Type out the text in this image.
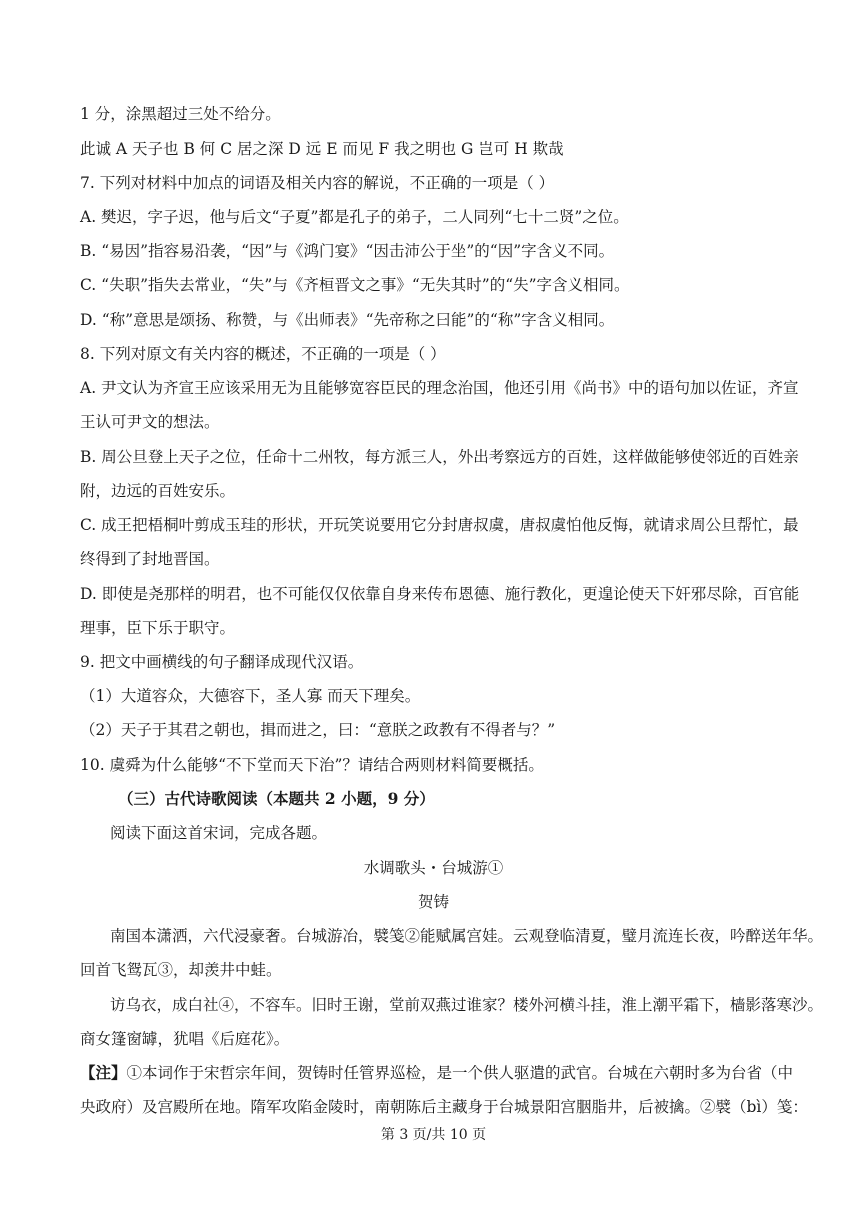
1 分，涂黑超过三处不给分。
此诚 A 天子也 B 何 C 居之深 D 远 E 而见 F 我之明也 G 岂可 H 欺哉
7. 下列对材料中加点的词语及相关内容的解说，不正确的一项是（ ）
A. 樊迟，字子迟，他与后文“子夏”都是孔子的弟子，二人同列“七十二贤”之位。
B. “易因”指容易沿袭，“因”与《鸿门宴》“因击沛公于坐”的“因”字含义不同。
C. “失职”指失去常业，“失”与《齐桓晋文之事》“无失其时”的“失”字含义相同。
D. “称”意思是颂扬、称赞，与《出师表》“先帝称之曰能”的“称”字含义相同。
8. 下列对原文有关内容的概述，不正确的一项是（ ）
A. 尹文认为齐宣王应该采用无为且能够宽容臣民的理念治国，他还引用《尚书》中的语句加以佐证，齐宣
王认可尹文的想法。
B. 周公旦登上天子之位，任命十二州牧，每方派三人，外出考察远方的百姓，这样做能够使邻近的百姓亲
附，边远的百姓安乐。
C. 成王把梧桐叶剪成玉珪的形状，开玩笑说要用它分封唐叔虞，唐叔虞怕他反悔，就请求周公旦帮忙，最
终得到了封地晋国。
D. 即使是尧那样的明君，也不可能仅仅依靠自身来传布恩德、施行教化，更遑论使天下奸邪尽除，百官能
理事，臣下乐于职守。
9. 把文中画横线的句子翻译成现代汉语。
（1）大道容众，大德容下，圣人寡 而天下理矣。
（2）天子于其君之朝也，揖而进之，曰：“意朕之政教有不得者与？”
10. 虞舜为什么能够“不下堂而天下治”？请结合两则材料简要概括。
（三）古代诗歌阅读（本题共 2 小题，9 分）
阅读下面这首宋词，完成各题。
水调歌头・台城游①
贺铸
南国本潇洒，六代浸豪奢。台城游冶，襞笺②能赋属宫娃。云观登临清夏，璧月流连长夜，吟醉送年华。
回首飞鸳瓦③，却羡井中蛙。
访乌衣，成白社④，不容车。旧时王谢，堂前双燕过谁家？楼外河横斗挂，淮上潮平霜下，樯影落寒沙。
商女篷窗罅，犹唱《后庭花》。
【注】①本词作于宋哲宗年间，贺铸时任管界巡检，是一个供人驱遣的武官。台城在六朝时多为台省（中
央政府）及宫殿所在地。隋军攻陷金陵时，南朝陈后主藏身于台城景阳宫胭脂井，后被擒。②襞（bì）笺：
第 3 页/共 10 页
